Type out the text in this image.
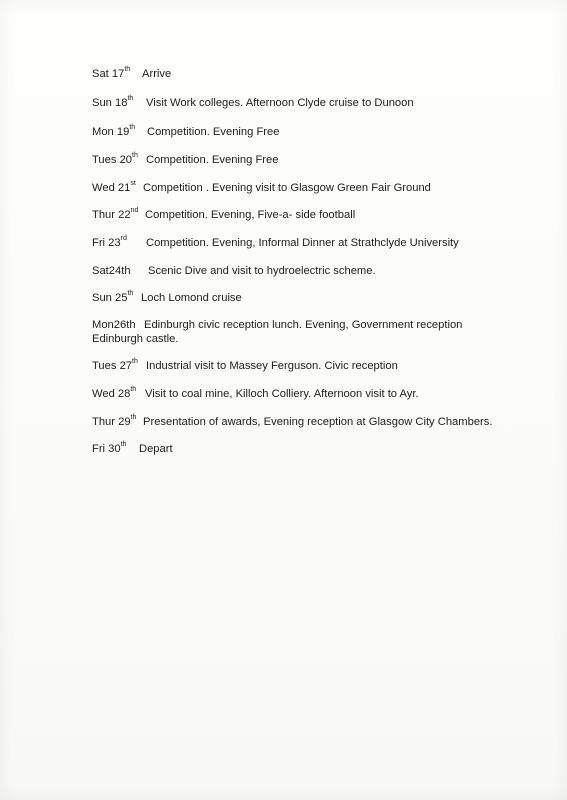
Sat 17th Arrive
Sun 18th Visit Work colleges. Afternoon Clyde cruise to Dunoon
Mon 19th Competition. Evening Free
Tues 20th Competition. Evening Free
Wed 21st Competition . Evening visit to Glasgow Green Fair Ground
Thur 22nd Competition. Evening, Five-a- side football
Fri 23rd Competition. Evening, Informal Dinner at Strathclyde University
Sat24th Scenic Dive and visit to hydroelectric scheme.
Sun 25th Loch Lomond cruise
Mon26th Edinburgh civic reception lunch. Evening, Government reception Edinburgh castle.
Tues 27th Industrial visit to Massey Ferguson. Civic reception
Wed 28th Visit to coal mine, Killoch Colliery. Afternoon visit to Ayr.
Thur 29th Presentation of awards, Evening reception at Glasgow City Chambers.
Fri 30th Depart
